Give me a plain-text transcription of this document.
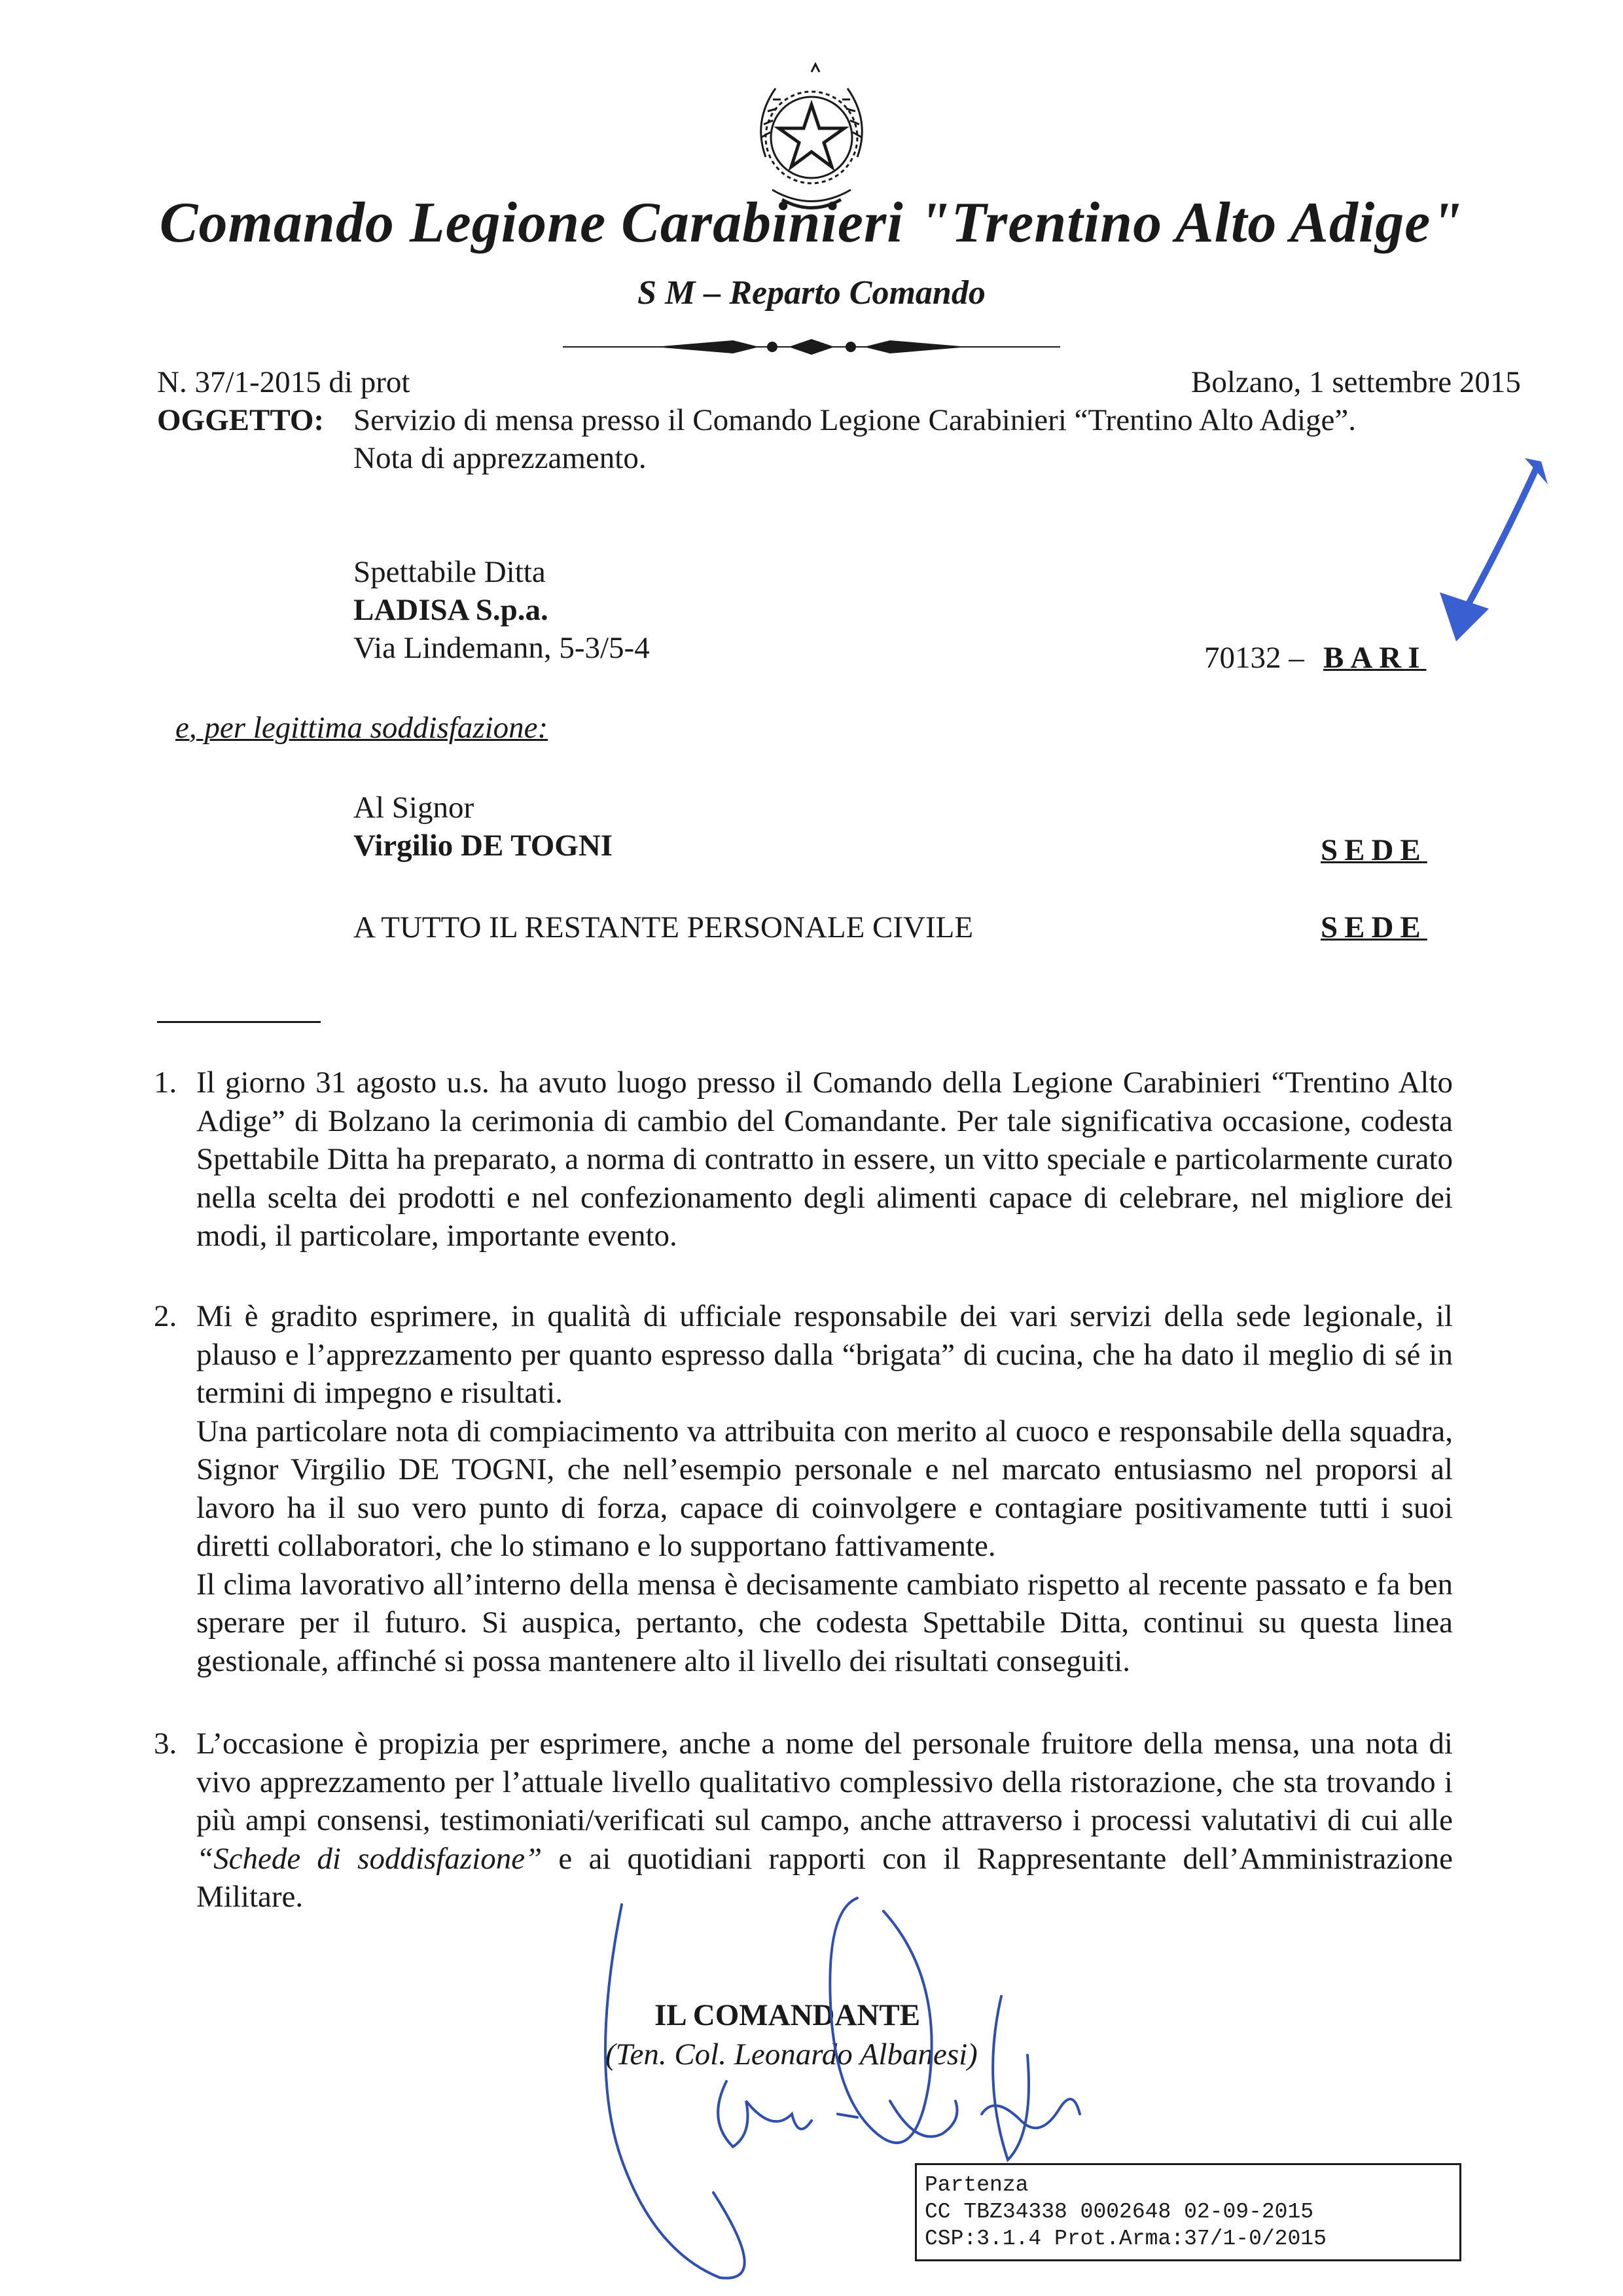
Comando Legione Carabinieri "Trentino Alto Adige"
S M – Reparto Comando
N. 37/1-2015 di prot	Bolzano, 1 settembre 2015
OGGETTO: Servizio di mensa presso il Comando Legione Carabinieri “Trentino Alto Adige”.
Nota di apprezzamento.
Spettabile Ditta
LADISA S.p.a.
Via Lindemann, 5-3/5-4	70132 – BARI
e, per legittima soddisfazione:
Al Signor
Virgilio DE TOGNI	SEDE
A TUTTO IL RESTANTE PERSONALE CIVILE	SEDE
1. Il giorno 31 agosto u.s. ha avuto luogo presso il Comando della Legione Carabinieri “Trentino Alto Adige” di Bolzano la cerimonia di cambio del Comandante. Per tale significativa occasione, codesta Spettabile Ditta ha preparato, a norma di contratto in essere, un vitto speciale e particolarmente curato nella scelta dei prodotti e nel confezionamento degli alimenti capace di celebrare, nel migliore dei modi, il particolare, importante evento.

2. Mi è gradito esprimere, in qualità di ufficiale responsabile dei vari servizi della sede legionale, il plauso e l’apprezzamento per quanto espresso dalla “brigata” di cucina, che ha dato il meglio di sé in termini di impegno e risultati.

Una particolare nota di compiacimento va attribuita con merito al cuoco e responsabile della squadra, Signor Virgilio DE TOGNI, che nell’esempio personale e nel marcato entusiasmo nel proporsi al lavoro ha il suo vero punto di forza, capace di coinvolgere e contagiare positivamente tutti i suoi diretti collaboratori, che lo stimano e lo supportano fattivamente.

Il clima lavorativo all’interno della mensa è decisamente cambiato rispetto al recente passato e fa ben sperare per il futuro. Si auspica, pertanto, che codesta Spettabile Ditta, continui su questa linea gestionale, affinché si possa mantenere alto il livello dei risultati conseguiti.

3. L’occasione è propizia per esprimere, anche a nome del personale fruitore della mensa, una nota di vivo apprezzamento per l’attuale livello qualitativo complessivo della ristorazione, che sta trovando i più ampi consensi, testimoniati/verificati sul campo, anche attraverso i processi valutativi di cui alle “Schede di soddisfazione” e ai quotidiani rapporti con il Rappresentante dell’Amministrazione Militare.

IL COMANDANTE
(Ten. Col. Leonardo Albanesi)
Partenza
CC TBZ34338 0002648 02-09-2015
CSP:3.1.4 Prot.Arma:37/1-0/2015
